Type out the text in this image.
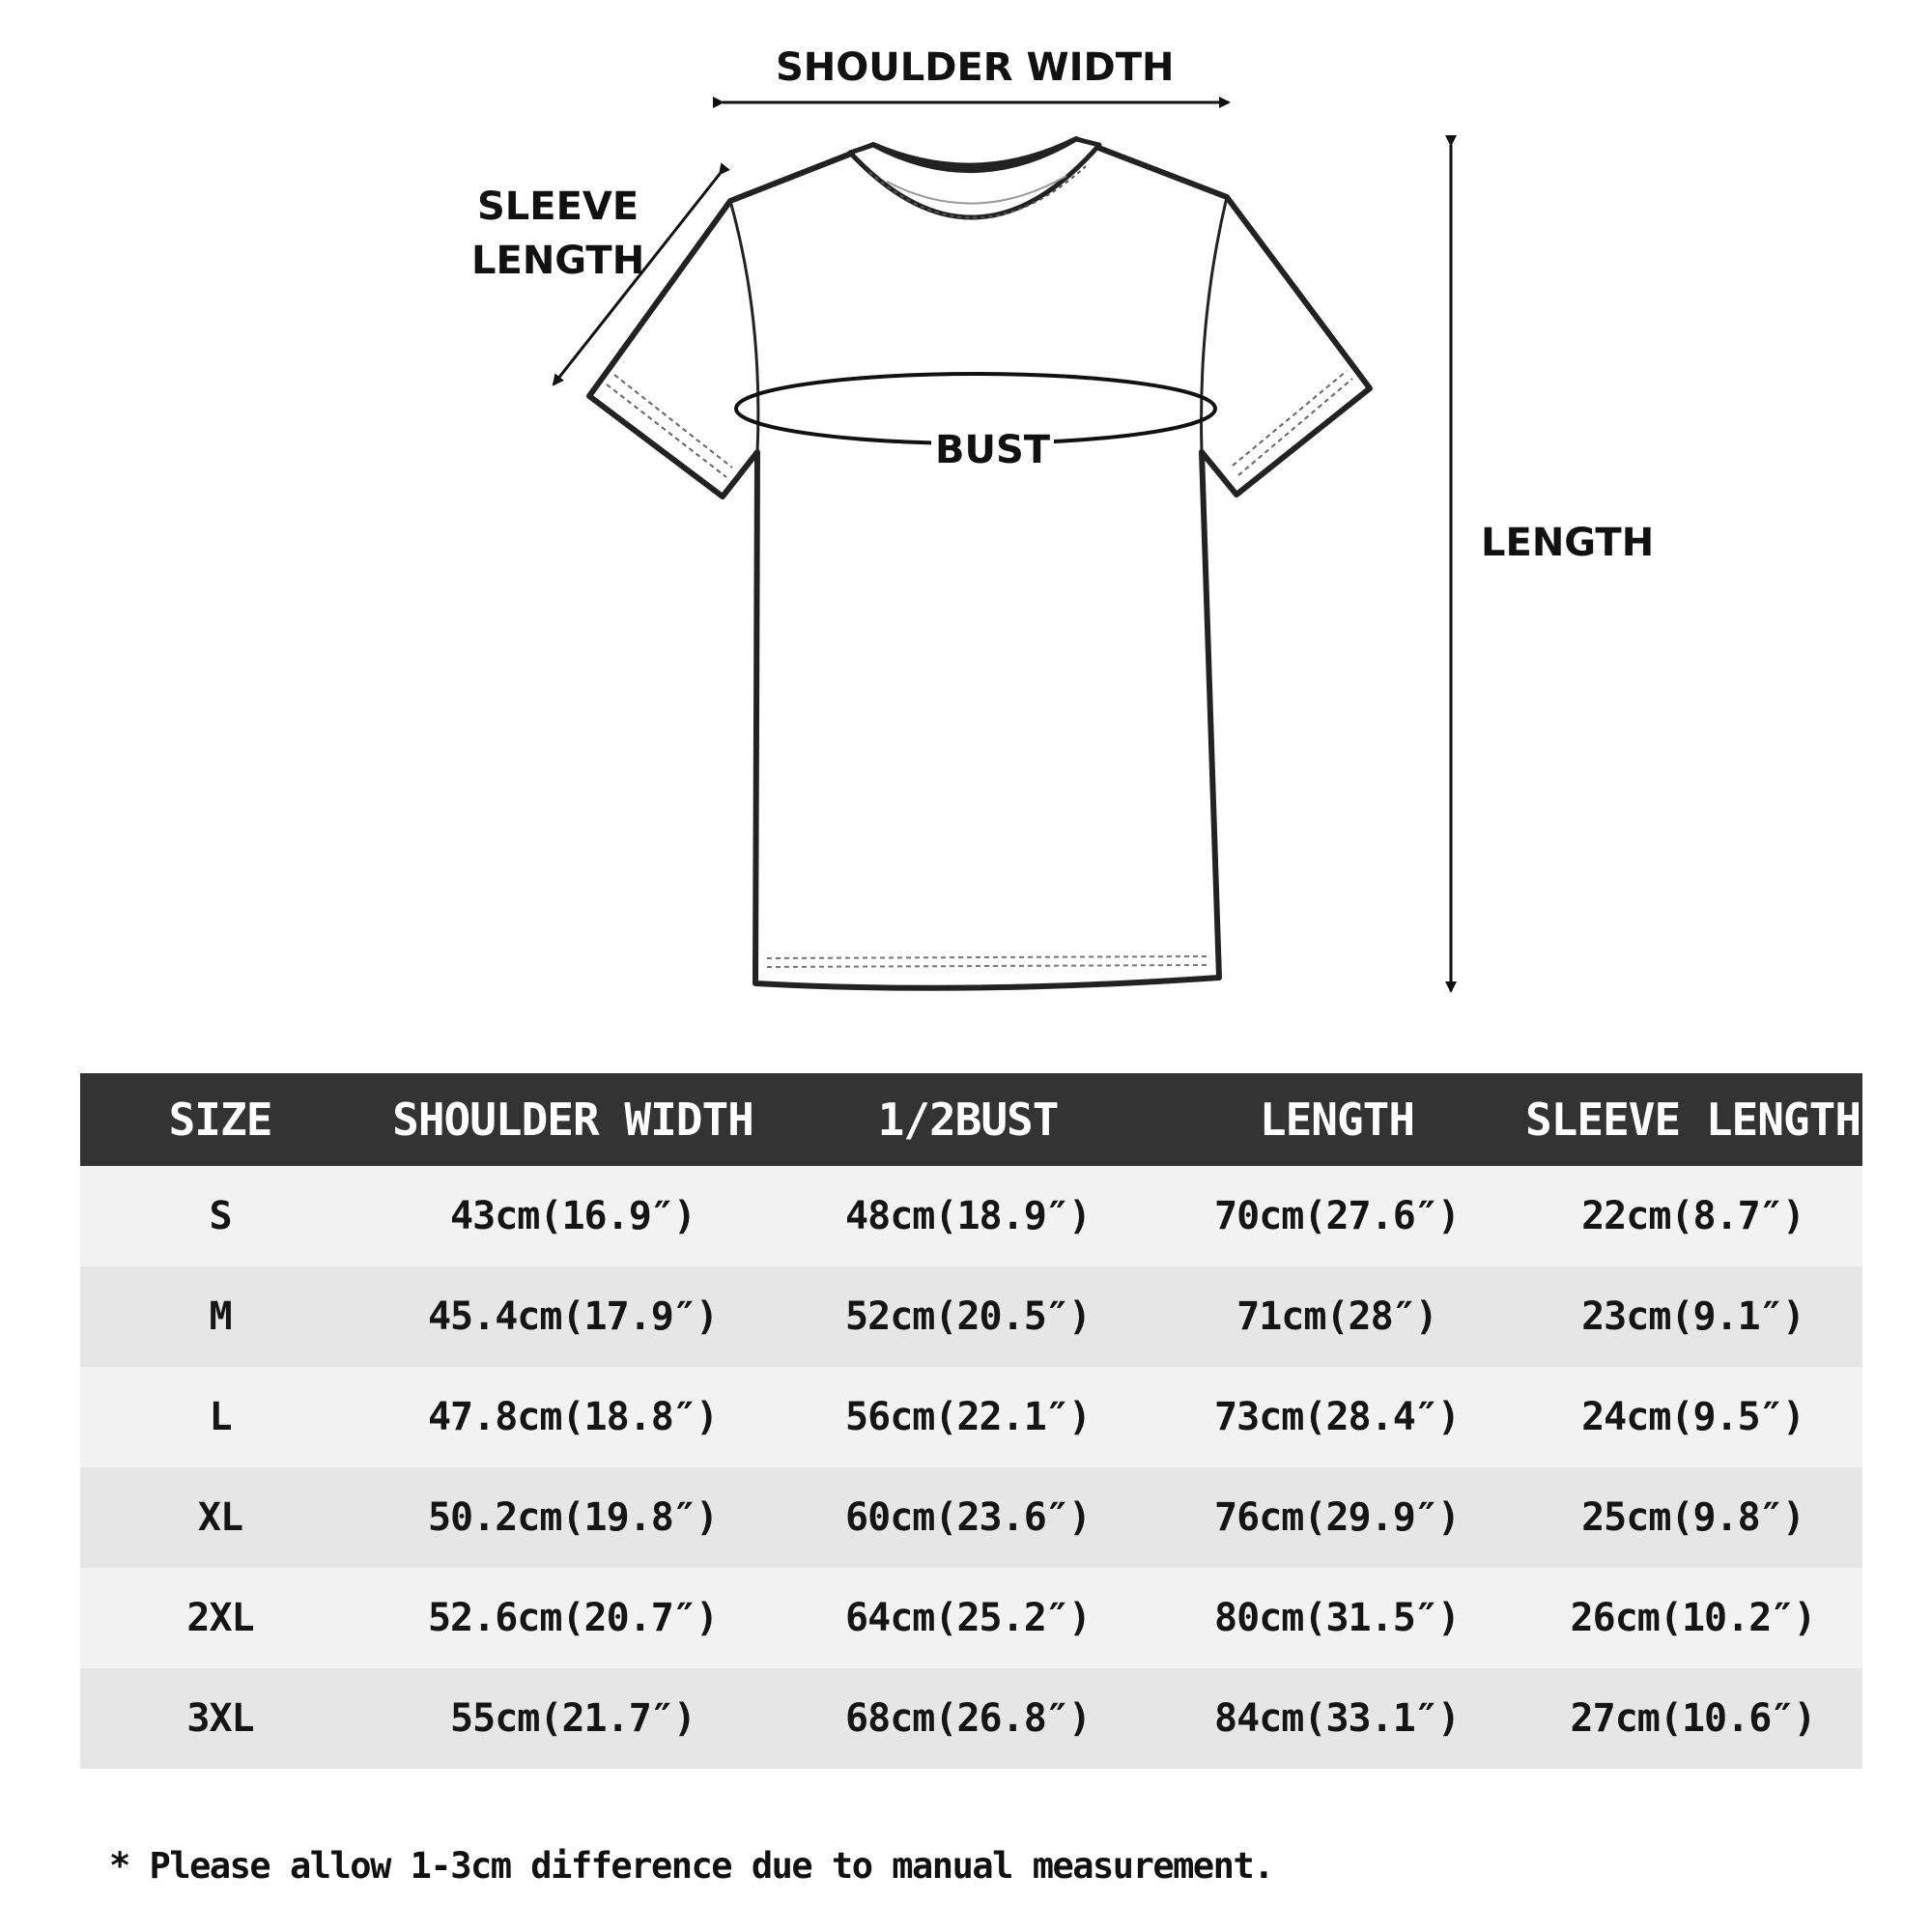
SHOULDER WIDTH
SLEEVE
LENGTH
BUST
LENGTH
SIZE	SHOULDER WIDTH	1/2BUST	LENGTH	SLEEVE LENGTH
S	43cm(16.9″)	48cm(18.9″)	70cm(27.6″)	22cm(8.7″)
M	45.4cm(17.9″)	52cm(20.5″)	71cm(28″)	23cm(9.1″)
L	47.8cm(18.8″)	56cm(22.1″)	73cm(28.4″)	24cm(9.5″)
XL	50.2cm(19.8″)	60cm(23.6″)	76cm(29.9″)	25cm(9.8″)
2XL	52.6cm(20.7″)	64cm(25.2″)	80cm(31.5″)	26cm(10.2″)
3XL	55cm(21.7″)	68cm(26.8″)	84cm(33.1″)	27cm(10.6″)
* Please allow 1-3cm difference due to manual measurement.
